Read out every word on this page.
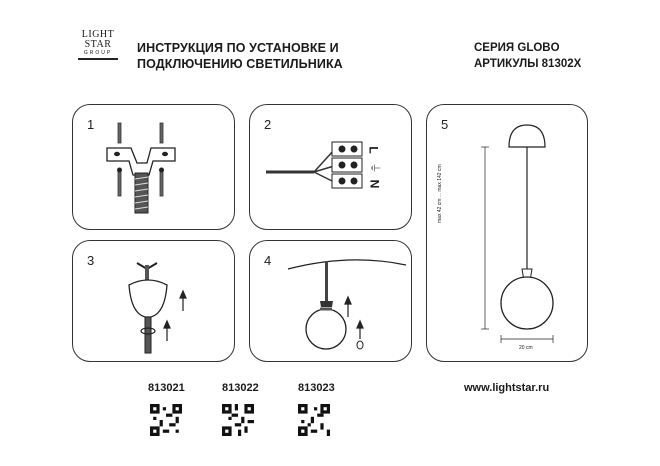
LIGHT
STAR
GROUP	ИНСТРУКЦИЯ ПО УСТАНОВКЕ И
ПОДКЛЮЧЕНИЮ СВЕТИЛЬНИКА
СЕРИЯ GLOBO
АРТИКУЛЫ 81302X
1	2
L
⏚
N
3	4
5
max 42 cm ... max 142 cm
20 cm
813021	813022	813023	www.lightstar.ru
